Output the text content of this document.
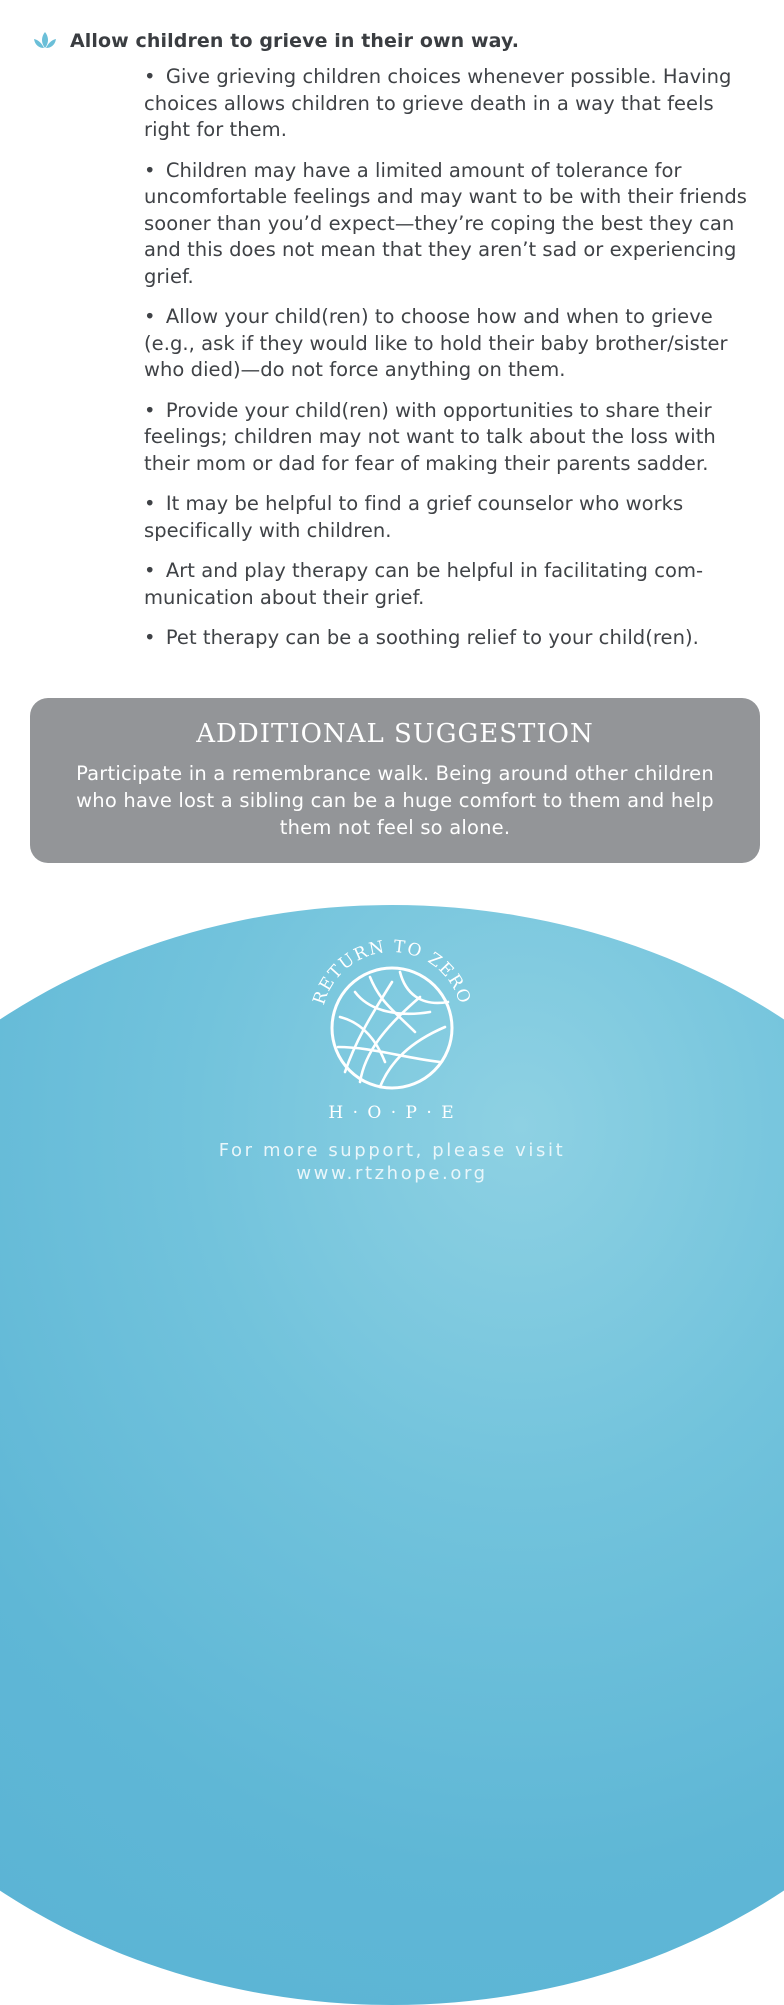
Allow children to grieve in their own way.
• Give grieving children choices whenever possible. Having choices allows children to grieve death in a way that feels right for them.
• Children may have a limited amount of tolerance for uncomfortable feelings and may want to be with their friends sooner than you’d expect—they’re coping the best they can and this does not mean that they aren’t sad or experiencing grief.
• Allow your child(ren) to choose how and when to grieve (e.g., ask if they would like to hold their baby brother/sister who died)—do not force anything on them.
• Provide your child(ren) with opportunities to share their feelings; children may not want to talk about the loss with their mom or dad for fear of making their parents sadder.
• It may be helpful to find a grief counselor who works specifically with children.
• Art and play therapy can be helpful in facilitating com-munication about their grief.
• Pet therapy can be a soothing relief to your child(ren).
ADDITIONAL SUGGESTION
Participate in a remembrance walk. Being around other children who have lost a sibling can be a huge comfort to them and help them not feel so alone.
RETURN TO ZERO
H · O · P · E
For more support, please visit
www.rtzhope.org
